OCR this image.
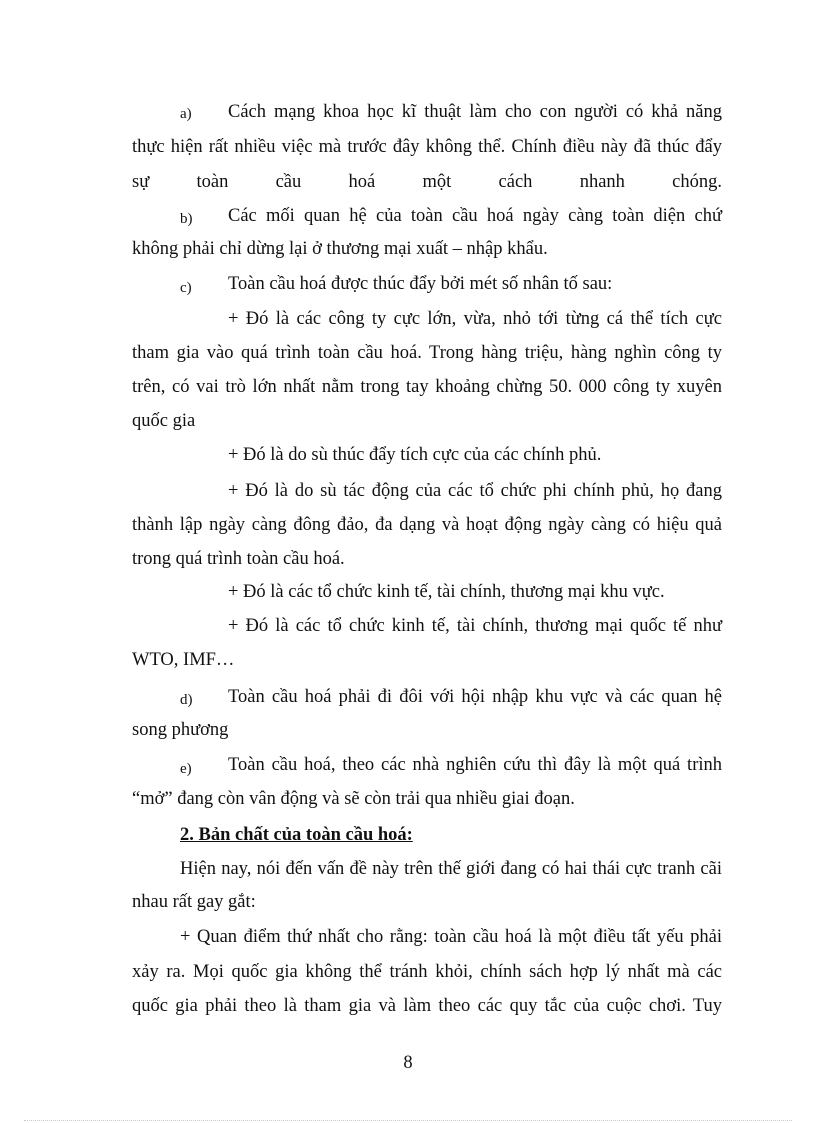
a) Cách mạng khoa học kĩ thuật làm cho con người có khả năng
thực hiện rất nhiều việc mà trước đây không thể. Chính điều này đã thúc đẩy
sự toàn cầu hoá một cách nhanh chóng.
b) Các mối quan hệ của toàn cầu hoá ngày càng toàn diện chứ
không phải chỉ dừng lại ở thương mại xuất – nhập khẩu.
c) Toàn cầu hoá được thúc đẩy bởi mét số nhân tố sau:
+ Đó là các công ty cực lớn, vừa, nhỏ tới từng cá thể tích cực
tham gia vào quá trình toàn cầu hoá. Trong hàng triệu, hàng nghìn công ty
trên, có vai trò lớn nhất nằm trong tay khoảng chừng 50. 000 công ty xuyên
quốc gia
+ Đó là do sù thúc đẩy tích cực của các chính phủ.
+ Đó là do sù tác động của các tổ chức phi chính phủ, họ đang
thành lập ngày càng đông đảo, đa dạng và hoạt động ngày càng có hiệu quả
trong quá trình toàn cầu hoá.
+ Đó là các tổ chức kinh tế, tài chính, thương mại khu vực.
+ Đó là các tổ chức kinh tế, tài chính, thương mại quốc tế như
WTO, IMF…
d) Toàn cầu hoá phải đi đôi với hội nhập khu vực và các quan hệ
song phương
e) Toàn cầu hoá, theo các nhà nghiên cứu thì đây là một quá trình
“mở” đang còn vân động và sẽ còn trải qua nhiều giai đoạn.
2. Bản chất của toàn cầu hoá:
Hiện nay, nói đến vấn đề này trên thế giới đang có hai thái cực tranh cãi
nhau rất gay gắt:
+ Quan điểm thứ nhất cho rằng: toàn cầu hoá là một điều tất yếu phải
xảy ra. Mọi quốc gia không thể tránh khỏi, chính sách hợp lý nhất mà các
quốc gia phải theo là tham gia và làm theo các quy tắc của cuộc chơi. Tuy
8
